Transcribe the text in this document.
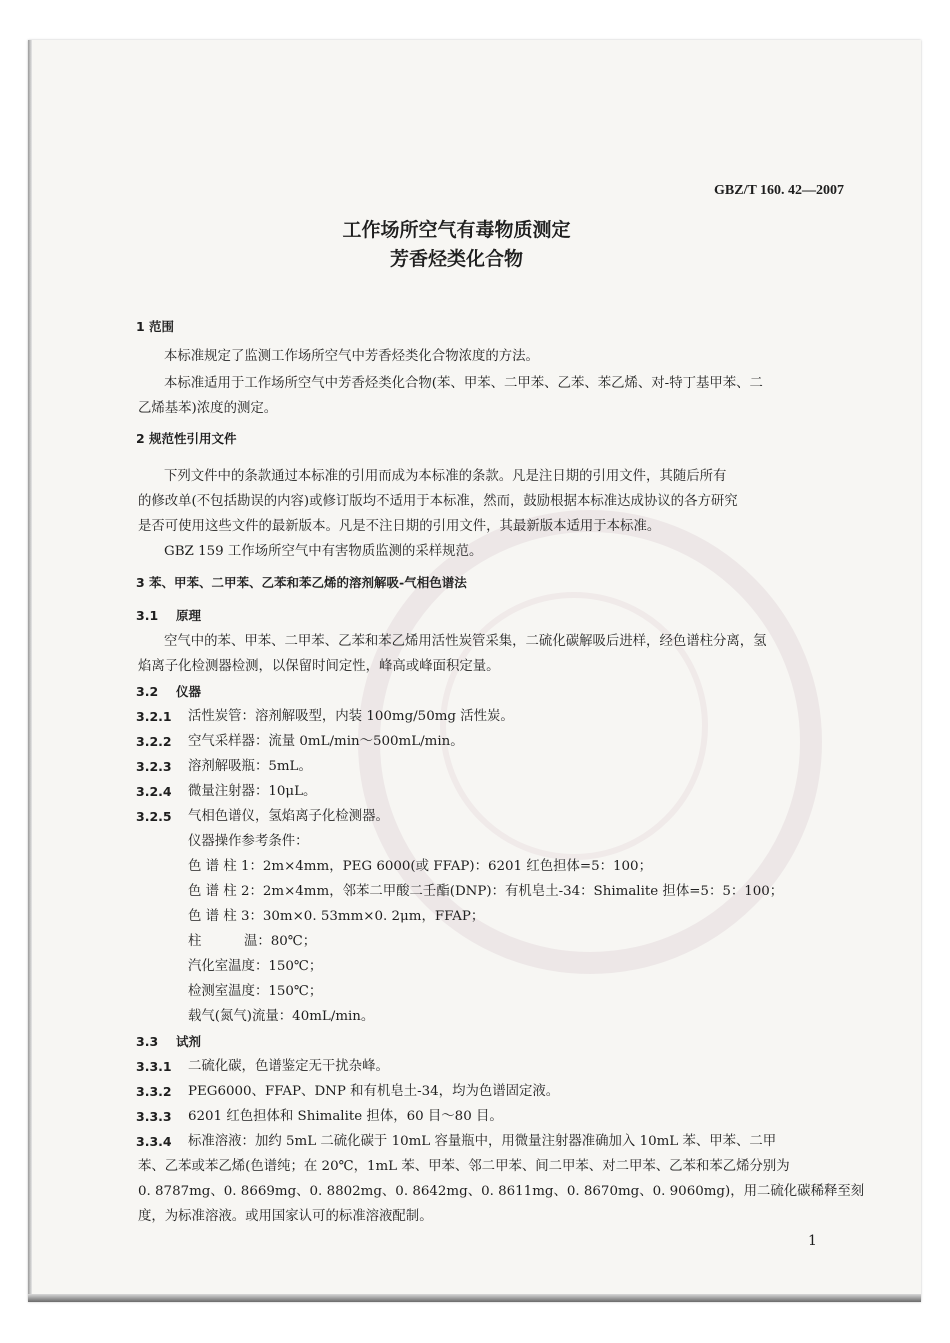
GBZ/T 160. 42—2007
工作场所空气有毒物质测定
芳香烃类化合物
1 范围
本标准规定了监测工作场所空气中芳香烃类化合物浓度的方法。
本标准适用于工作场所空气中芳香烃类化合物(苯、甲苯、二甲苯、乙苯、苯乙烯、对-特丁基甲苯、二
乙烯基苯)浓度的测定。
2 规范性引用文件
下列文件中的条款通过本标准的引用而成为本标准的条款。凡是注日期的引用文件，其随后所有
的修改单(不包括勘误的内容)或修订版均不适用于本标准，然而，鼓励根据本标准达成协议的各方研究
是否可使用这些文件的最新版本。凡是不注日期的引用文件，其最新版本适用于本标准。
GBZ 159 工作场所空气中有害物质监测的采样规范。
3 苯、甲苯、二甲苯、乙苯和苯乙烯的溶剂解吸-气相色谱法
3.1 原理
空气中的苯、甲苯、二甲苯、乙苯和苯乙烯用活性炭管采集，二硫化碳解吸后进样，经色谱柱分离，氢
焰离子化检测器检测，以保留时间定性，峰高或峰面积定量。
3.2 仪器
3.2.1 活性炭管：溶剂解吸型，内装 100mg/50mg 活性炭。
3.2.2 空气采样器：流量 0mL/min～500mL/min。
3.2.3 溶剂解吸瓶：5mL。
3.2.4 微量注射器：10μL。
3.2.5 气相色谱仪，氢焰离子化检测器。
仪器操作参考条件：
色 谱 柱 1：2m×4mm，PEG 6000(或 FFAP)：6201 红色担体=5：100；
色 谱 柱 2：2m×4mm，邻苯二甲酸二壬酯(DNP)：有机皂土-34：Shimalite 担体=5：5：100；
色 谱 柱 3：30m×0. 53mm×0. 2μm，FFAP；
柱          温：80℃；
汽化室温度：150℃；
检测室温度：150℃；
载气(氮气)流量：40mL/min。
3.3 试剂
3.3.1 二硫化碳，色谱鉴定无干扰杂峰。
3.3.2 PEG6000、FFAP、DNP 和有机皂土-34，均为色谱固定液。
3.3.3 6201 红色担体和 Shimalite 担体，60 目～80 目。
3.3.4 标准溶液：加约 5mL 二硫化碳于 10mL 容量瓶中，用微量注射器准确加入 10mL 苯、甲苯、二甲
苯、乙苯或苯乙烯(色谱纯；在 20℃，1mL 苯、甲苯、邻二甲苯、间二甲苯、对二甲苯、乙苯和苯乙烯分别为
0. 8787mg、0. 8669mg、0. 8802mg、0. 8642mg、0. 8611mg、0. 8670mg、0. 9060mg)，用二硫化碳稀释至刻
度，为标准溶液。或用国家认可的标准溶液配制。
1
